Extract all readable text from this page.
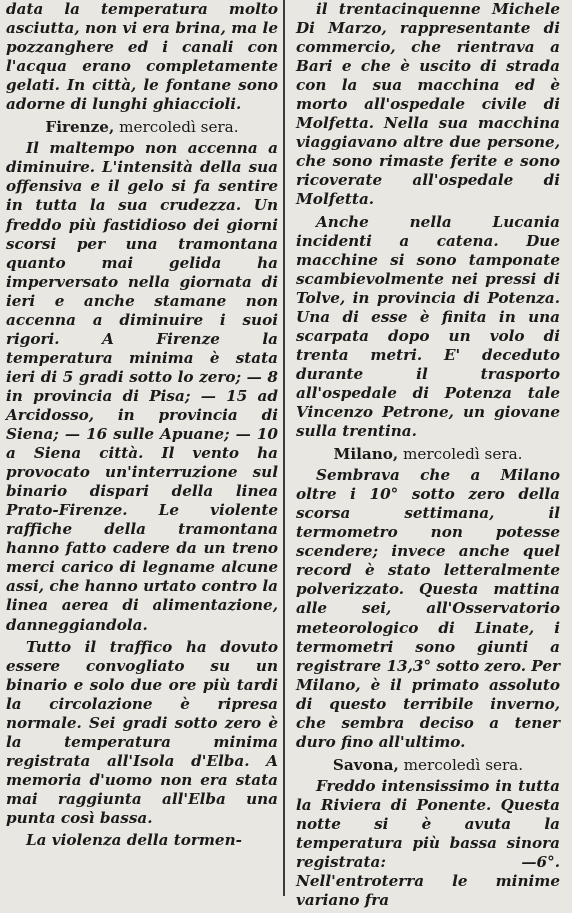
data la temperatura molto asciutta, non vi era brina, ma le pozzanghere ed i canali con l'acqua erano completamente gelati. In città, le fontane sono adorne di lunghi ghiaccioli.

Firenze, mercoledì sera.

Il maltempo non accenna a diminuire. L'intensità della sua offensiva e il gelo si fa sentire in tutta la sua crudezza. Un freddo più fastidioso dei giorni scorsi per una tramontana quanto mai gelida ha imperversato nella giornata di ieri e anche stamane non accenna a diminuire i suoi rigori. A Firenze la temperatura minima è stata ieri di 5 gradi sotto lo zero; — 8 in provincia di Pisa; — 15 ad Arcidosso, in provincia di Siena; — 16 sulle Apuane; — 10 a Siena città. Il vento ha provocato un'interruzione sul binario dispari della linea Prato-Firenze. Le violente raffiche della tramontana hanno fatto cadere da un treno merci carico di legname alcune assi, che hanno urtato contro la linea aerea di alimentazione, danneggiandola.

Tutto il traffico ha dovuto essere convogliato su un binario e solo due ore più tardi la circolazione è ripresa normale. Sei gradi sotto zero è la temperatura minima registrata all'Isola d'Elba. A memoria d'uomo non era stata mai raggiunta all'Elba una punta così bassa.

La violenza della tormen-

il trentacinquenne Michele Di Marzo, rappresentante di commercio, che rientrava a Bari e che è uscito di strada con la sua macchina ed è morto all'ospedale civile di Molfetta. Nella sua macchina viaggiavano altre due persone, che sono rimaste ferite e sono ricoverate all'ospedale di Molfetta.

Anche nella Lucania incidenti a catena. Due macchine si sono tamponate scambievolmente nei pressi di Tolve, in provincia di Potenza. Una di esse è finita in una scarpata dopo un volo di trenta metri. E' deceduto durante il trasporto all'ospedale di Potenza tale Vincenzo Petrone, un giovane sulla trentina.

Milano, mercoledì sera.

Sembrava che a Milano oltre i 10° sotto zero della scorsa settimana, il termometro non potesse scendere; invece anche quel record è stato letteralmente polverizzato. Questa mattina alle sei, all'Osservatorio meteorologico di Linate, i termometri sono giunti a registrare 13,3° sotto zero. Per Milano, è il primato assoluto di questo terribile inverno, che sembra deciso a tener duro fino all'ultimo.

Savona, mercoledì sera.

Freddo intensissimo in tutta la Riviera di Ponente. Questa notte si è avuta la temperatura più bassa sinora registrata: —6°. Nell'entroterra le minime variano fra
